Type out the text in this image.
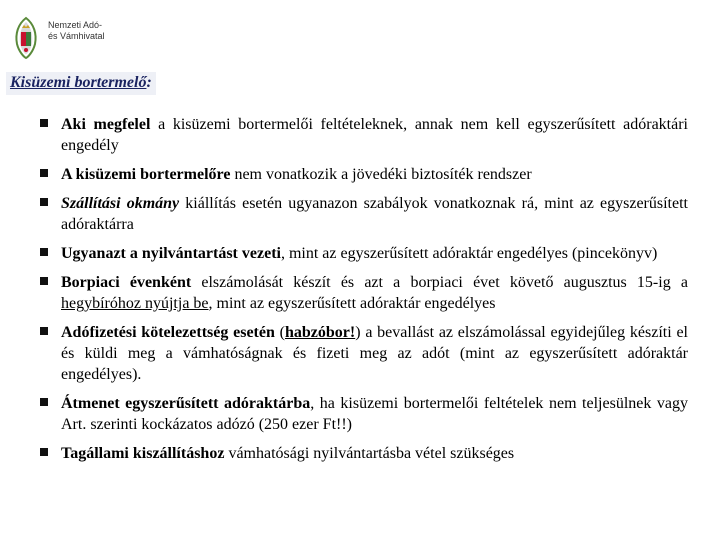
Nemzeti Adó-
és Vámhivatal
Kisüzemi bortermelő:
Aki megfelel a kisüzemi bortermelői feltételeknek, annak nem kell egyszerűsített adóraktári engedély
A kisüzemi bortermelőre nem vonatkozik a jövedéki biztosíték rendszer
Szállítási okmány kiállítás esetén ugyanazon szabályok vonatkoznak rá, mint az egyszerűsített adóraktárra
Ugyanazt a nyilvántartást vezeti, mint az egyszerűsített adóraktár engedélyes (pincekönyv)
Borpiaci évenként elszámolását készít és azt a borpiaci évet követő augusztus 15-ig a hegybíróhoz nyújtja be, mint az egyszerűsített adóraktár engedélyes
Adófizetési kötelezettség esetén (habzóbor!) a bevallást az elszámolással egyidejűleg készíti el és küldi meg a vámhatóságnak és fizeti meg az adót (mint az egyszerűsített adóraktár engedélyes).
Átmenet egyszerűsített adóraktárba, ha kisüzemi bortermelői feltételek nem teljesülnek vagy Art. szerinti kockázatos adózó (250 ezer Ft!!)
Tagállami kiszállításhoz vámhatósági nyilvántartásba vétel szükséges
